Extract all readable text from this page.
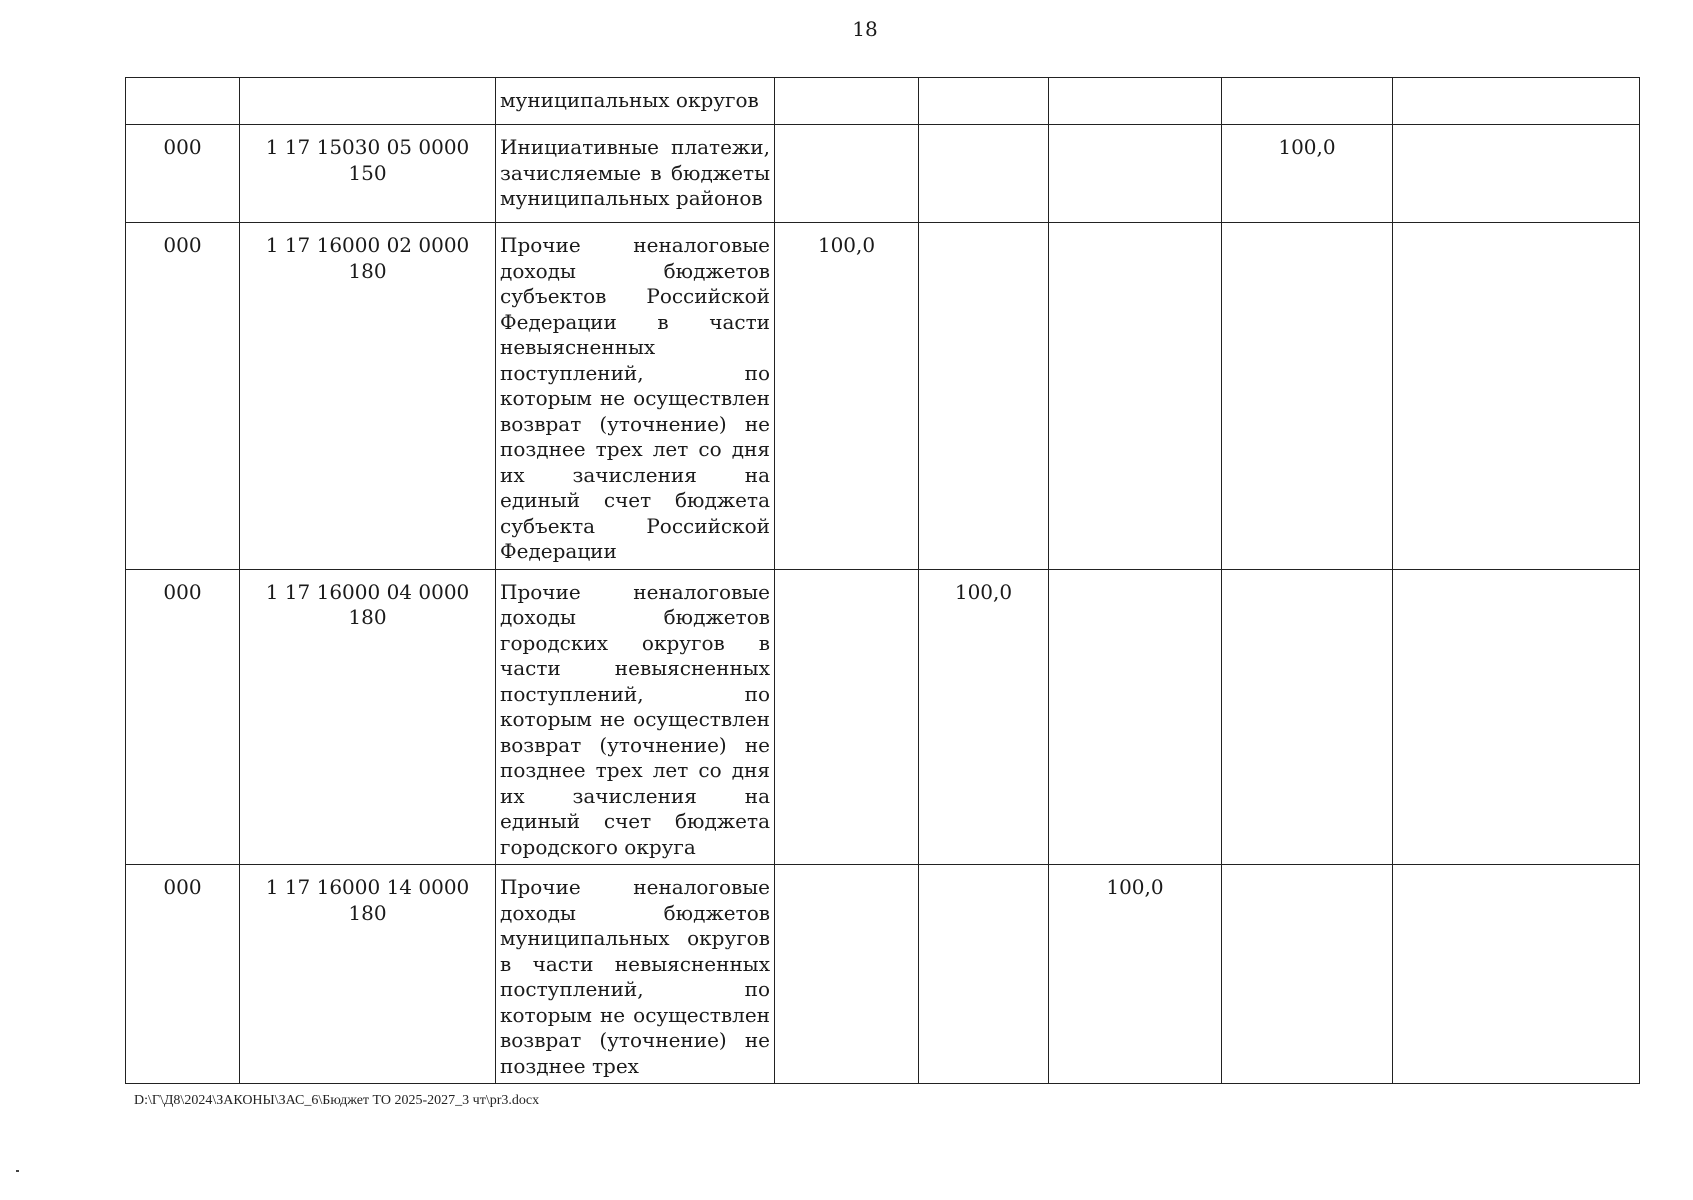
18
		муниципальных округов					
000	1 17 15030 05 0000 150	Инициативные платежи, зачисляемые в бюджеты муниципальных районов				100,0	
000	1 17 16000 02 0000 180	Прочие неналоговые доходы бюджетов субъектов Российской Федерации в части невыясненных поступлений, по которым не осуществлен возврат (уточнение) не позднее трех лет со дня их зачисления на единый счет бюджета субъекта Российской Федерации	100,0				
000	1 17 16000 04 0000 180	Прочие неналоговые доходы бюджетов городских округов в части невыясненных поступлений, по которым не осуществлен возврат (уточнение) не позднее трех лет со дня их зачисления на единый счет бюджета городского округа		100,0			
000	1 17 16000 14 0000 180	Прочие неналоговые доходы бюджетов муниципальных округов в части невыясненных поступлений, по которым не осуществлен возврат (уточнение) не позднее трех			100,0		
D:\Г\Д8\2024\ЗАКОНЫ\ЗАС_6\Бюджет ТО 2025-2027_3 чт\pr3.docx
